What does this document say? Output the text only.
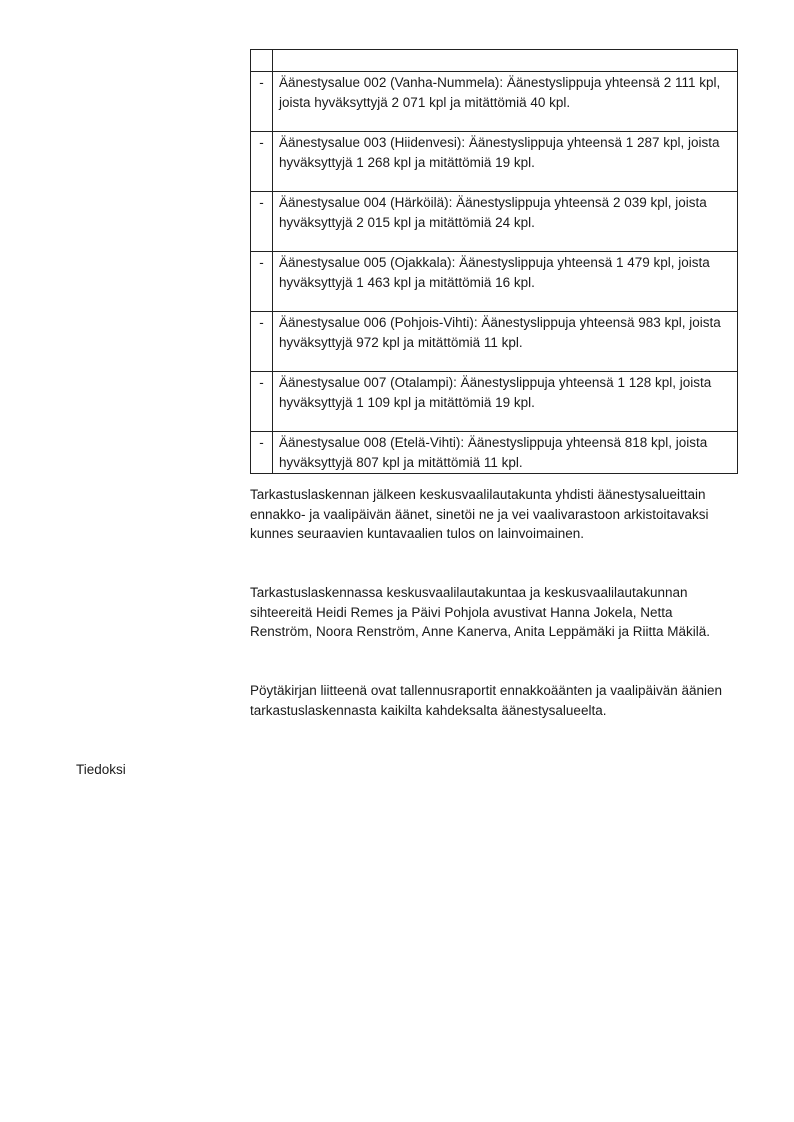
-	Äänestysalue 002 (Vanha-Nummela): Äänestyslippuja yhteensä 2 111 kpl, joista hyväksyttyjä 2 071 kpl ja mitättömiä 40 kpl.
-	Äänestysalue 003 (Hiidenvesi): Äänestyslippuja yhteensä 1 287 kpl, joista hyväksyttyjä 1 268 kpl ja mitättömiä 19 kpl.
-	Äänestysalue 004 (Härköilä): Äänestyslippuja yhteensä 2 039 kpl, joista hyväksyttyjä 2 015 kpl ja mitättömiä 24 kpl.
-	Äänestysalue 005 (Ojakkala): Äänestyslippuja yhteensä 1 479 kpl, joista hyväksyttyjä 1 463 kpl ja mitättömiä 16 kpl.
-	Äänestysalue 006 (Pohjois-Vihti): Äänestyslippuja yhteensä 983 kpl, joista hyväksyttyjä 972 kpl ja mitättömiä 11 kpl.
-	Äänestysalue 007 (Otalampi): Äänestyslippuja yhteensä 1 128 kpl, joista hyväksyttyjä 1 109 kpl ja mitättömiä 19 kpl.
-	Äänestysalue 008 (Etelä-Vihti): Äänestyslippuja yhteensä 818 kpl, joista hyväksyttyjä 807 kpl ja mitättömiä 11 kpl.

Tarkastuslaskennan jälkeen keskusvaalilautakunta yhdisti äänestysalueittain ennakko- ja vaalipäivän äänet, sinetöi ne ja vei vaalivarastoon arkistoitavaksi kunnes seuraavien kuntavaalien tulos on lainvoimainen.

Tarkastuslaskennassa keskusvaalilautakuntaa ja keskusvaalilautakunnan sihteereitä Heidi Remes ja Päivi Pohjola avustivat Hanna Jokela, Netta Renström, Noora Renström, Anne Kanerva, Anita Leppämäki ja Riitta Mäkilä.

Pöytäkirjan liitteenä ovat tallennusraportit ennakkoäänten ja vaalipäivän äänien tarkastuslaskennasta kaikilta kahdeksalta äänestysalueelta.

Tiedoksi
